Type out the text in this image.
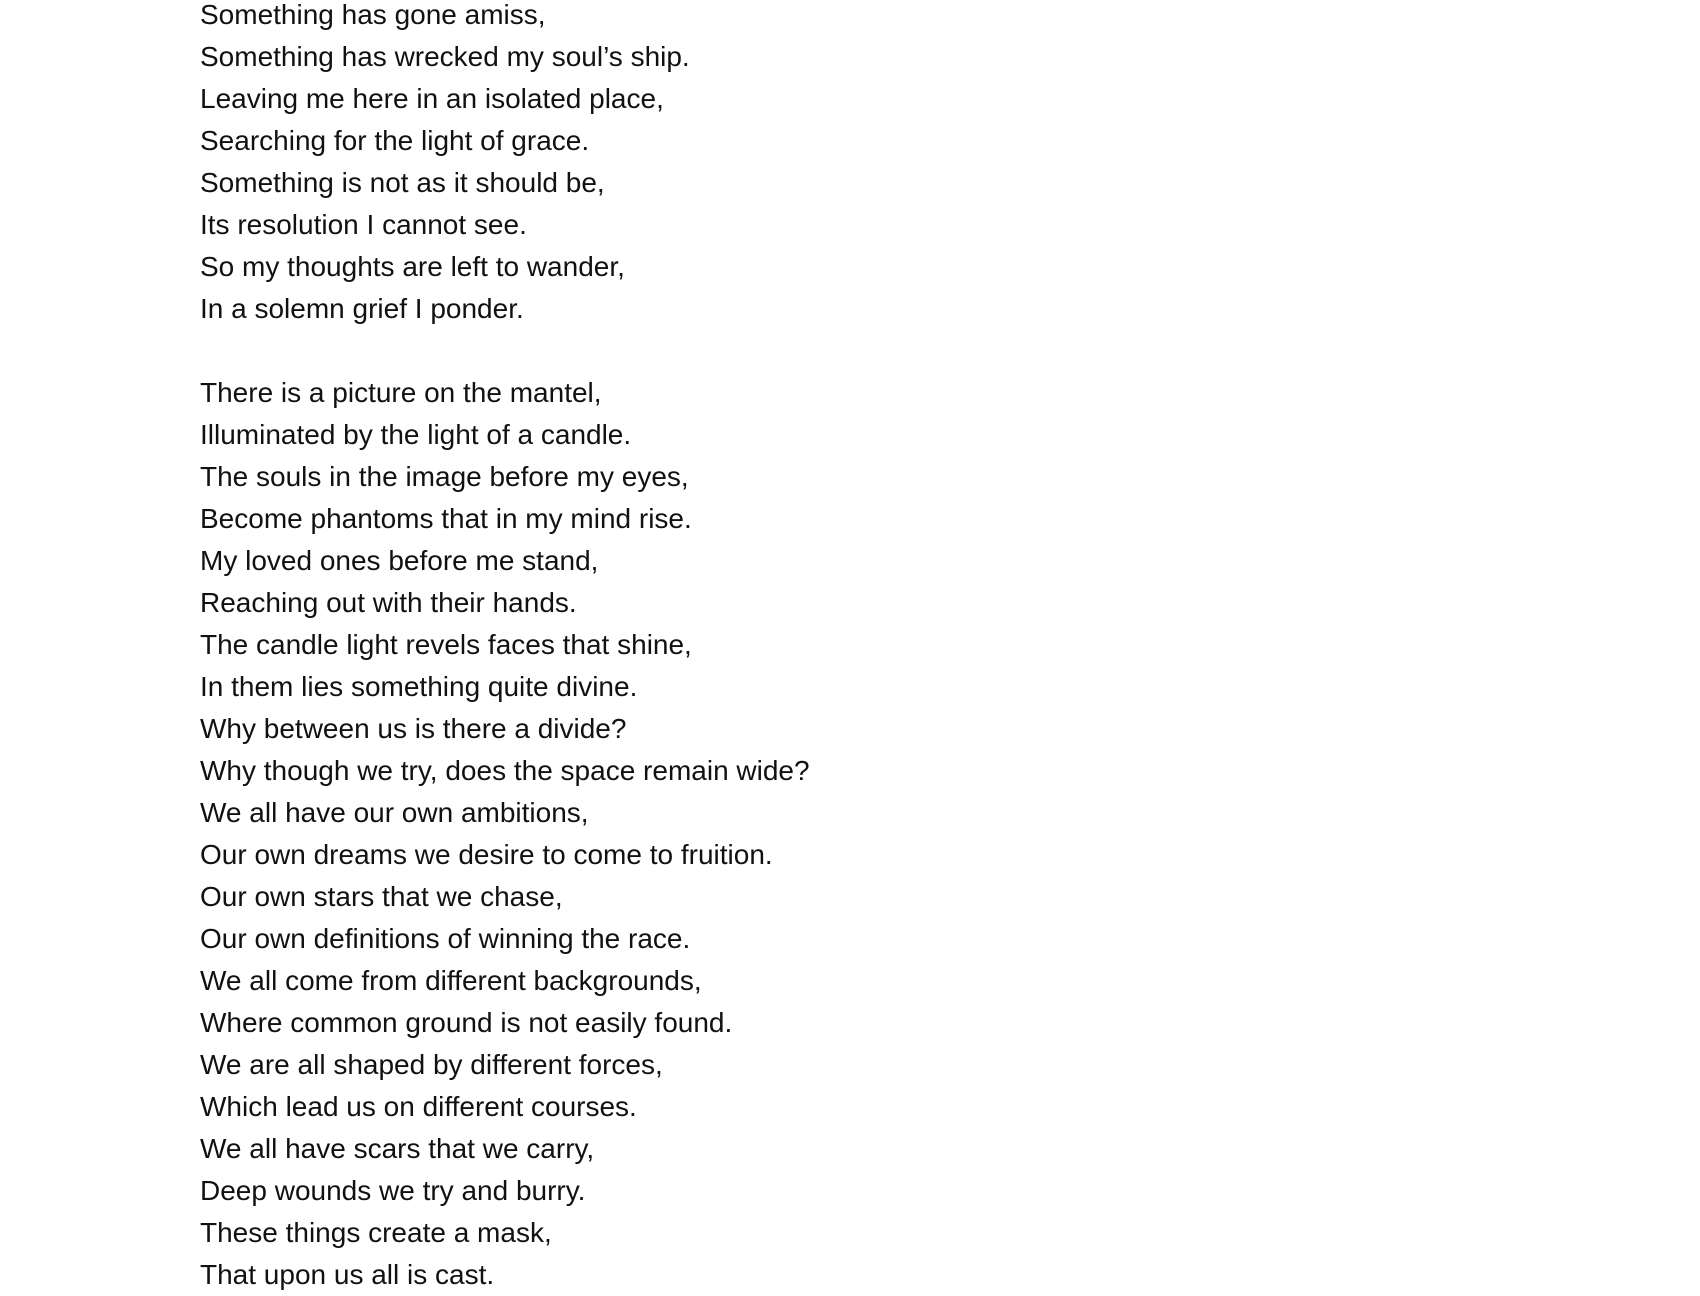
Something has gone amiss,
Something has wrecked my soul’s ship.
Leaving me here in an isolated place,
Searching for the light of grace.
Something is not as it should be,
Its resolution I cannot see.
So my thoughts are left to wander,
In a solemn grief I ponder.
There is a picture on the mantel,
Illuminated by the light of a candle.
The souls in the image before my eyes,
Become phantoms that in my mind rise.
My loved ones before me stand,
Reaching out with their hands.
The candle light revels faces that shine,
In them lies something quite divine.
Why between us is there a divide?
Why though we try, does the space remain wide?
We all have our own ambitions,
Our own dreams we desire to come to fruition.
Our own stars that we chase,
Our own definitions of winning the race.
We all come from different backgrounds,
Where common ground is not easily found.
We are all shaped by different forces,
Which lead us on different courses.
We all have scars that we carry,
Deep wounds we try and burry.
These things create a mask,
That upon us all is cast.
